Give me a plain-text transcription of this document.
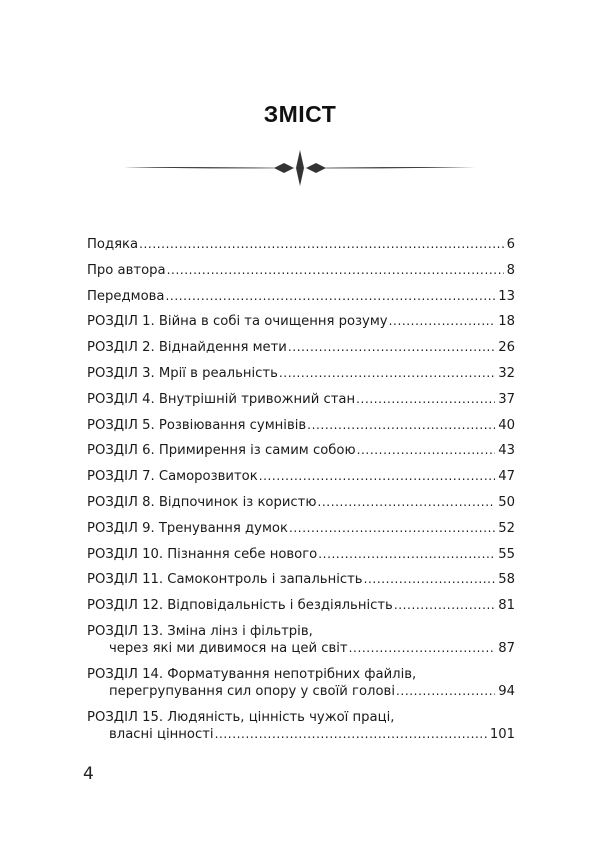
ЗМІСТ
Подяка .....	6
Про автора .....	8
Передмова .....	13
РОЗДІЛ 1. Війна в собі та очищення розуму .....	18
РОЗДІЛ 2. Віднайдення мети .....	26
РОЗДІЛ 3. Мрії в реальність .....	32
РОЗДІЛ 4. Внутрішній тривожний стан .....	37
РОЗДІЛ 5. Розвіювання сумнівів .....	40
РОЗДІЛ 6. Примирення із самим собою .....	43
РОЗДІЛ 7. Саморозвиток .....	47
РОЗДІЛ 8. Відпочинок із користю .....	50
РОЗДІЛ 9. Тренування думок .....	52
РОЗДІЛ 10. Пізнання себе нового .....	55
РОЗДІЛ 11. Самоконтроль і запальність .....	58
РОЗДІЛ 12. Відповідальність і бездіяльність .....	81
РОЗДІЛ 13. Зміна лінз і фільтрів,
через які ми дивимося на цей світ .....	87
РОЗДІЛ 14. Форматування непотрібних файлів,
перегрупування сил опору у своїй голові .....	94
РОЗДІЛ 15. Людяність, цінність чужої праці,
власні цінності .....	101
4
